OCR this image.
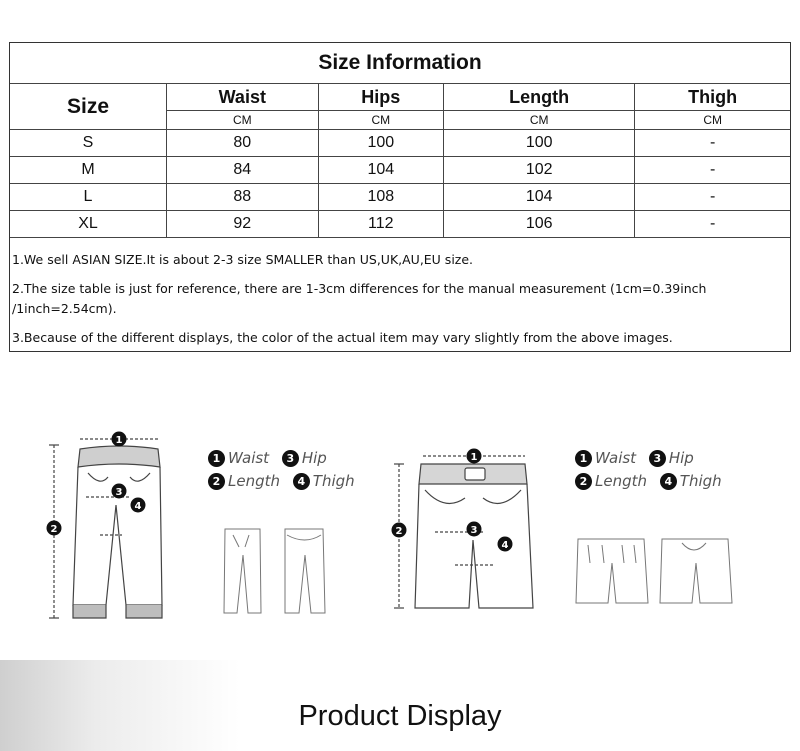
Size Information				
Size	Waist	Hips	Length	Thigh
	CM	CM	CM	CM
S	80	100	100	-
M	84	104	102	-
L	88	108	104	-
XL	92	112	106	-
1.We sell ASIAN SIZE.It is about 2-3 size SMALLER than US,UK,AU,EU size.
2.The size table is just for reference, there are 1-3cm differences for the manual measurement (1cm=0.39inch
/1inch=2.54cm).
3.Because of the different displays, the color of the actual item may vary slightly from the above images.
1
2
3
4
1 Waist 3 Hip
2 Length 4 Thigh
1
2	3
4
1 Waist 3 Hip
2 Length 4 Thigh
Product Display
